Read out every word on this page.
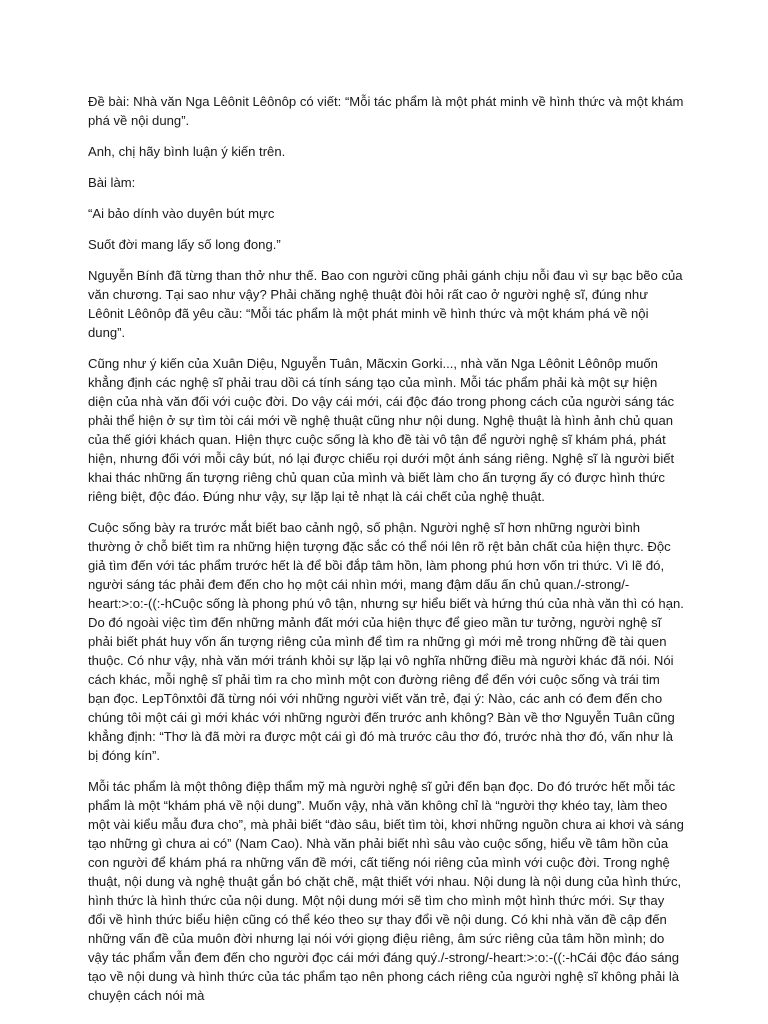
Đề bài: Nhà văn Nga Lêônit Lêônôp có viết: “Mỗi tác phẩm là một phát minh về hình thức và một khám phá về nội dung”.

Anh, chị hãy bình luận ý kiến trên.

Bài làm:

“Ai bảo dính vào duyên bút mực

Suốt đời mang lấy số long đong.”

Nguyễn Bính đã từng than thở như thế. Bao con người cũng phải gánh chịu nỗi đau vì sự bạc bẽo của văn chương. Tại sao như vậy? Phải chăng nghệ thuật đòi hỏi rất cao ở người nghệ sĩ, đúng như Lêônit Lêônôp đã yêu cầu: “Mỗi tác phẩm là một phát minh về hình thức và một khám phá về nội dung”.

Cũng như ý kiến của Xuân Diệu, Nguyễn Tuân, Mãcxin Gorki..., nhà văn Nga Lêônit Lêônôp muốn khẳng định các nghệ sĩ phải trau dồi cá tính sáng tạo của mình. Mỗi tác phẩm phải kà một sự hiện diện của nhà văn đối với cuộc đời. Do vậy cái mới, cái độc đáo trong phong cách của người sáng tác phải thể hiện ở sự tìm tòi cái mới về nghệ thuật cũng như nội dung. Nghệ thuật là hình ảnh chủ quan của thế giới khách quan. Hiện thực cuộc sống là kho đề tài vô tận để người nghệ sĩ khám phá, phát hiện, nhưng đối với mỗi cây bút, nó lại được chiếu rọi dưới một ánh sáng riêng. Nghệ sĩ là người biết khai thác những ấn tượng riêng chủ quan của mình và biết làm cho ấn tượng ấy có được hình thức riêng biệt, độc đáo. Đúng như vậy, sự lặp lại tẻ nhạt là cái chết của nghệ thuật.

Cuộc sống bày ra trước mắt biết bao cảnh ngộ, số phận. Người nghệ sĩ hơn những người bình thường ở chỗ biết tìm ra những hiện tượng đặc sắc có thể nói lên rõ rệt bản chất của hiện thực. Độc giả tìm đến với tác phẩm trước hết là để bồi đắp tâm hồn, làm phong phú hơn vốn tri thức. Vì lẽ đó, người sáng tác phải đem đến cho họ một cái nhìn mới, mang đậm dấu ấn chủ quan./-strong/-heart:>:o:-((:-hCuộc sống là phong phú vô tận, nhưng sự hiểu biết và hứng thú của nhà văn thì có hạn. Do đó ngoài việc tìm đến những mảnh đất mới của hiện thực để gieo mần tư tưởng, người nghệ sĩ phải biết phát huy vốn ấn tượng riêng của mình để tìm ra những gì mới mẻ trong những đề tài quen thuộc. Có như vậy, nhà văn mới tránh khỏi sự lặp lại vô nghĩa những điều mà người khác đã nói. Nói cách khác, mỗi nghệ sĩ phải tìm ra cho mình một con đường riêng để đến với cuộc sống và trái tim bạn đọc. LepTônxtôi đã từng nói với những người viết văn trẻ, đại ý: Nào, các anh có đem đến cho chúng tôi một cái gì mới khác với những người đến trước anh không? Bàn về thơ Nguyễn Tuân cũng khẳng định: “Thơ là đã mời ra được một cái gì đó mà trước câu thơ đó, trước nhà thơ đó, vấn như là bị đóng kín”.

Mỗi tác phẩm là một thông điệp thẩm mỹ mà người nghệ sĩ gửi đến bạn đọc. Do đó trước hết mỗi tác phẩm là một “khám phá về nội dung”. Muốn vậy, nhà văn không chỉ là “người thợ khéo tay, làm theo một vài kiểu mẫu đưa cho”, mà phải biết “đào sâu, biết tìm tòi, khơi những nguồn chưa ai khơi và sáng tạo những gì chưa ai có” (Nam Cao). Nhà văn phải biết nhì sâu vào cuộc sống, hiểu về tâm hồn của con người để khám phá ra những vấn đề mới, cất tiếng nói riêng của mình với cuộc đời. Trong nghệ thuật, nội dung và nghệ thuật gắn bó chặt chẽ, mật thiết với nhau. Nội dung là nội dung của hình thức, hình thức là hình thức của nội dung. Một nội dung mới sẽ tìm cho mình một hình thức mới. Sự thay đổi về hình thức biểu hiện cũng có thể kéo theo sự thay đổi về nội dung. Có khi nhà văn đề cập đến những vấn đề của muôn đời nhưng lại nói với giọng điệu riêng, âm sức riêng của tâm hồn mình; do vậy tác phẩm vẫn đem đến cho người đọc cái mới đáng quý./-strong/-heart:>:o:-((:-hCái độc đáo sáng tạo về nội dung và hình thức của tác phẩm tạo nên phong cách riêng của người nghệ sĩ không phải là chuyện cách nói mà
